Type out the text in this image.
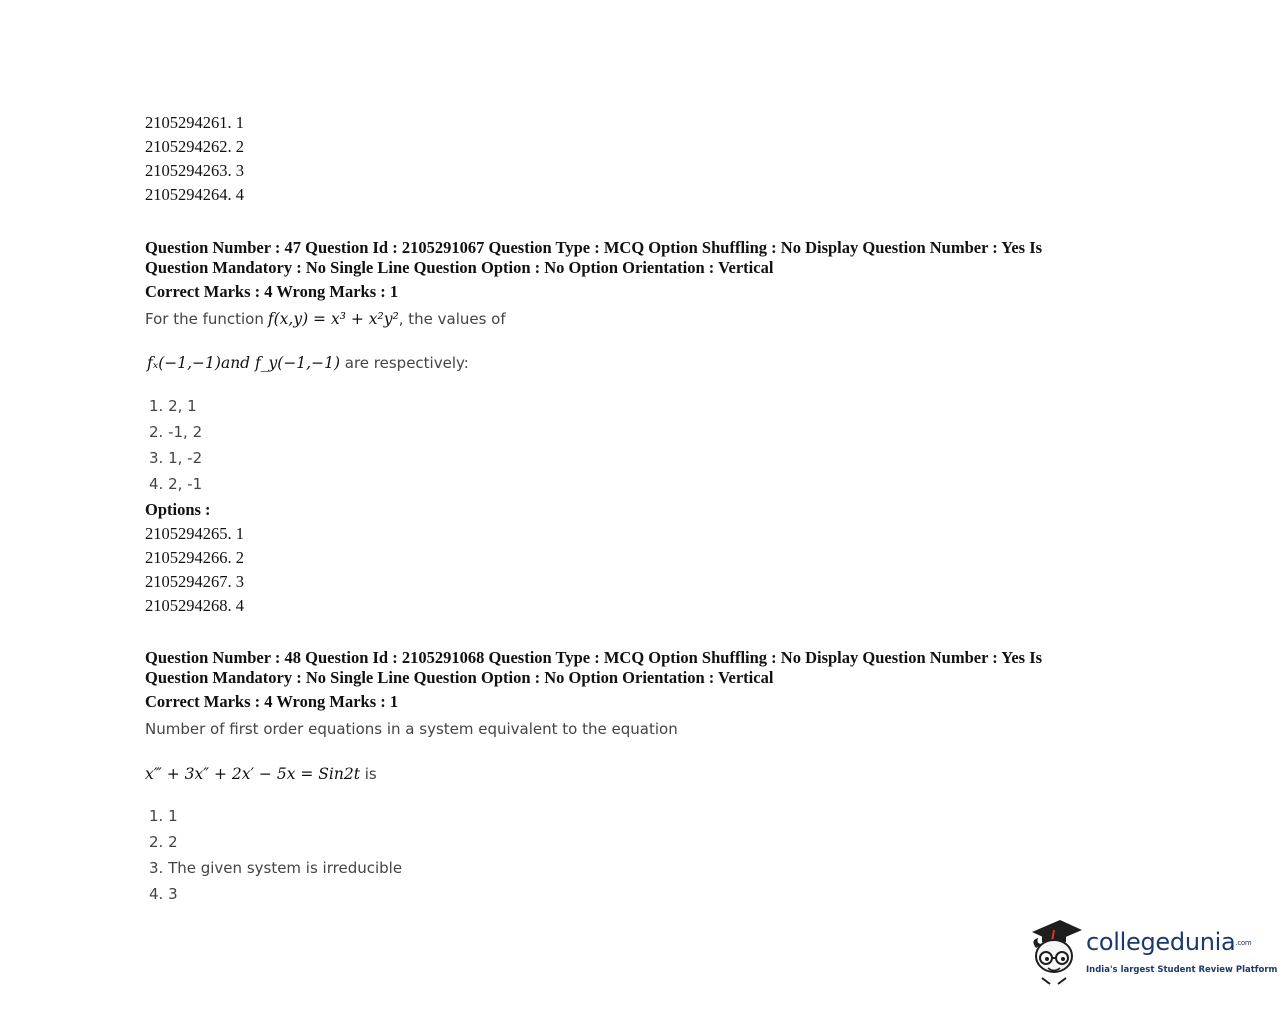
2105294261. 1
2105294262. 2
2105294263. 3
2105294264. 4
Question Number : 47 Question Id : 2105291067 Question Type : MCQ Option Shuffling : No Display Question Number : Yes Is
Question Mandatory : No Single Line Question Option : No Option Orientation : Vertical
Correct Marks : 4 Wrong Marks : 1
For the function f(x,y) = x³ + x²y², the values of
fₓ(−1,−1)and f_y(−1,−1) are respectively:
1. 2, 1
2. -1, 2
3. 1, -2
4. 2, -1
Options :
2105294265. 1
2105294266. 2
2105294267. 3
2105294268. 4
Question Number : 48 Question Id : 2105291068 Question Type : MCQ Option Shuffling : No Display Question Number : Yes Is
Question Mandatory : No Single Line Question Option : No Option Orientation : Vertical
Correct Marks : 4 Wrong Marks : 1
Number of first order equations in a system equivalent to the equation
x‴ + 3x″ + 2x′ − 5x = Sin2t is
1. 1
2. 2
3. The given system is irreducible
4. 3
collegedunia.com
India's largest Student Review Platform
